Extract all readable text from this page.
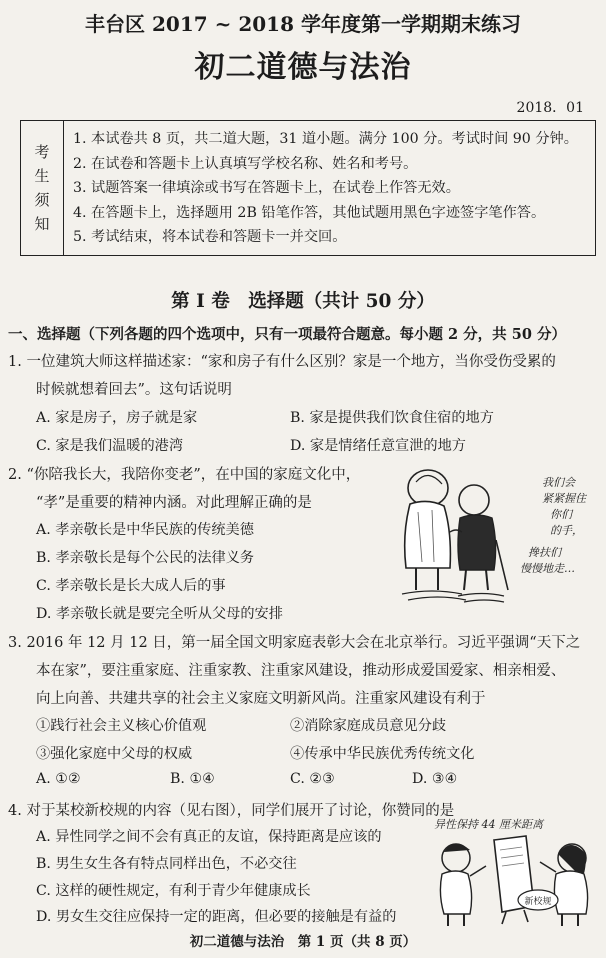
丰台区 2017 ~ 2018 学年度第一学期期末练习
初二道德与法治
2018．01
考
生
须
知
1. 本试卷共 8 页，共二道大题，31 道小题。满分 100 分。考试时间 90 分钟。
2. 在试卷和答题卡上认真填写学校名称、姓名和考号。
3. 试题答案一律填涂或书写在答题卡上，在试卷上作答无效。
4. 在答题卡上，选择题用 2B 铅笔作答，其他试题用黑色字迹签字笔作答。
5. 考试结束，将本试卷和答题卡一并交回。
第 Ⅰ 卷　选择题（共计 50 分）
一、选择题（下列各题的四个选项中，只有一项最符合题意。每小题 2 分，共 50 分）
1. 一位建筑大师这样描述家：“家和房子有什么区别？家是一个地方，当你受伤受累的
时候就想着回去”。这句话说明
A. 家是房子，房子就是家	B. 家是提供我们饮食住宿的地方
C. 家是我们温暖的港湾	D. 家是情绪任意宣泄的地方
2. “你陪我长大，我陪你变老”，在中国的家庭文化中，
“孝”是重要的精神内涵。对此理解正确的是
A. 孝亲敬长是中华民族的传统美德
B. 孝亲敬长是每个公民的法律义务
C. 孝亲敬长是长大成人后的事
D. 孝亲敬长就是要完全听从父母的安排
我们会
紧紧握住
你们
的手，
搀扶们
慢慢地走…
3. 2016 年 12 月 12 日，第一届全国文明家庭表彰大会在北京举行。习近平强调“天下之
本在家”，要注重家庭、注重家教、注重家风建设，推动形成爱国爱家、相亲相爱、
向上向善、共建共享的社会主义家庭文明新风尚。注重家风建设有利于
①践行社会主义核心价值观	②消除家庭成员意见分歧
③强化家庭中父母的权威	④传承中华民族优秀传统文化
A. ①②	B. ①④	C. ②③	D. ③④
4. 对于某校新校规的内容（见右图），同学们展开了讨论，你赞同的是
A. 异性同学之间不会有真正的友谊，保持距离是应该的
B. 男生女生各有特点同样出色，不必交往
C. 这样的硬性规定，有利于青少年健康成长
D. 男女生交往应保持一定的距离，但必要的接触是有益的
异性保持 44 厘米距离
新校规
初二道德与法治　第 1 页（共 8 页）
